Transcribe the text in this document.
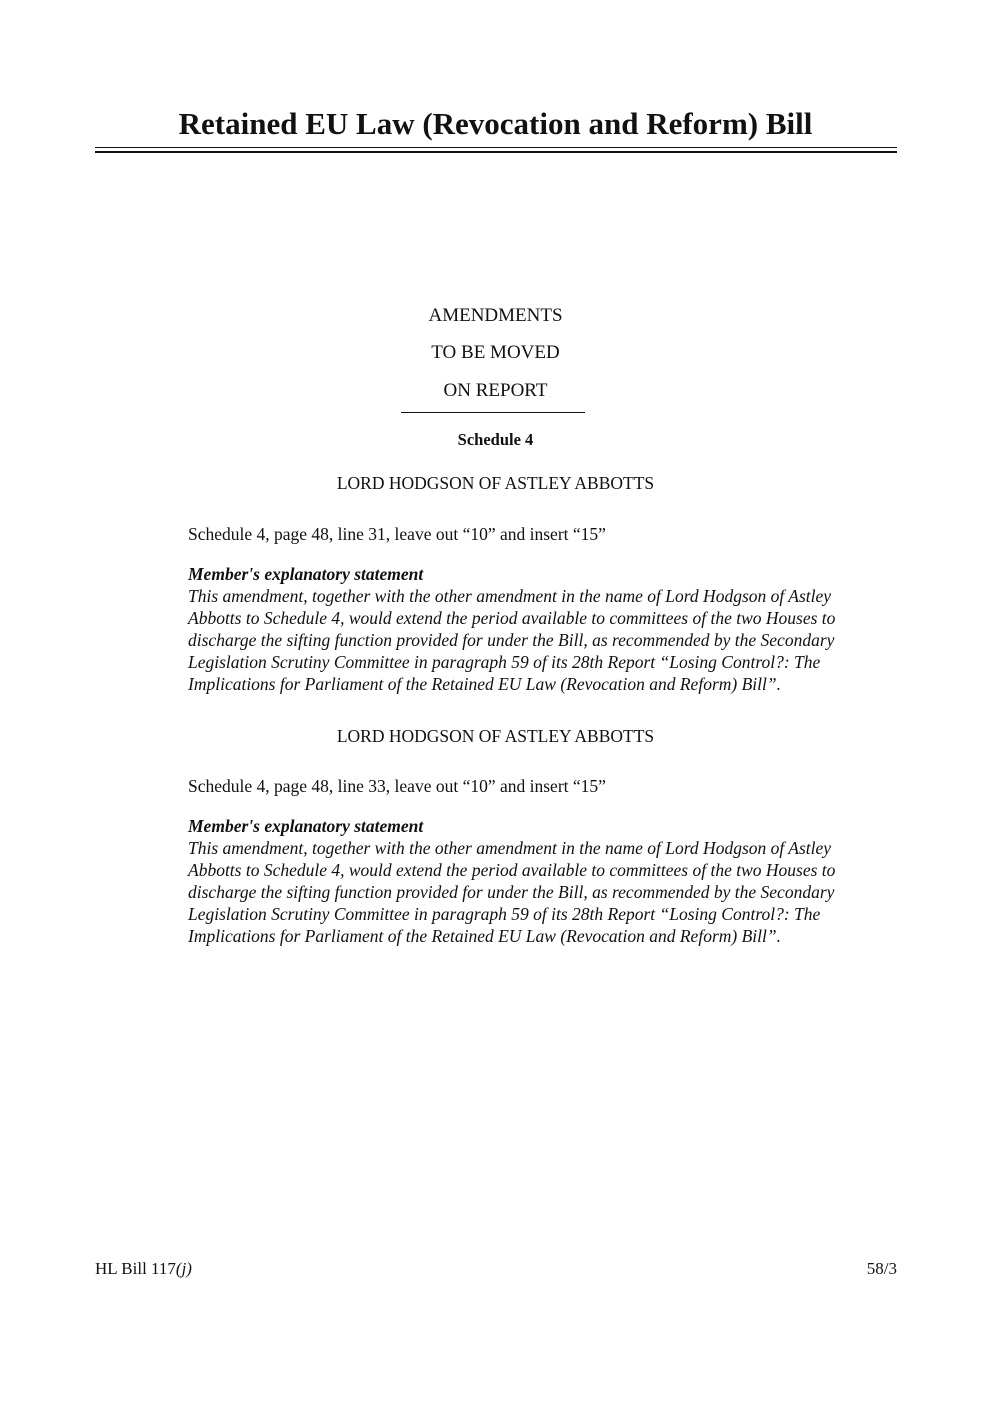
Retained EU Law (Revocation and Reform) Bill
AMENDMENTS
TO BE MOVED
ON REPORT
Schedule 4
LORD HODGSON OF ASTLEY ABBOTTS
Schedule 4, page 48, line 31, leave out “10” and insert “15”
Member's explanatory statement
This amendment, together with the other amendment in the name of Lord Hodgson of Astley
Abbotts to Schedule 4, would extend the period available to committees of the two Houses to
discharge the sifting function provided for under the Bill, as recommended by the Secondary
Legislation Scrutiny Committee in paragraph 59 of its 28th Report “Losing Control?: The
Implications for Parliament of the Retained EU Law (Revocation and Reform) Bill”.
LORD HODGSON OF ASTLEY ABBOTTS
Schedule 4, page 48, line 33, leave out “10” and insert “15”
Member's explanatory statement
This amendment, together with the other amendment in the name of Lord Hodgson of Astley
Abbotts to Schedule 4, would extend the period available to committees of the two Houses to
discharge the sifting function provided for under the Bill, as recommended by the Secondary
Legislation Scrutiny Committee in paragraph 59 of its 28th Report “Losing Control?: The
Implications for Parliament of the Retained EU Law (Revocation and Reform) Bill”.
HL Bill 117(j)	58/3
